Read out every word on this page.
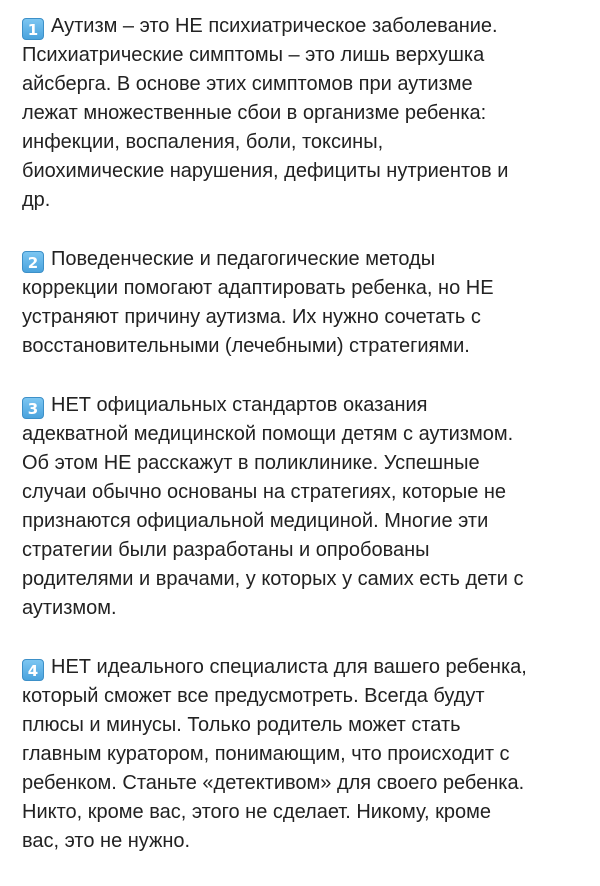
1 Аутизм – это НЕ психиатрическое заболевание.
Психиатрические симптомы – это лишь верхушка
айсберга. В основе этих симптомов при аутизме
лежат множественные сбои в организме ребенка:
инфекции, воспаления, боли, токсины,
биохимические нарушения, дефициты нутриентов и
др.

2 Поведенческие и педагогические методы
коррекции помогают адаптировать ребенка, но НЕ
устраняют причину аутизма. Их нужно сочетать с
восстановительными (лечебными) стратегиями.

3 НЕТ официальных стандартов оказания
адекватной медицинской помощи детям с аутизмом.
Об этом НЕ расскажут в поликлинике. Успешные
случаи обычно основаны на стратегиях, которые не
признаются официальной медициной. Многие эти
стратегии были разработаны и опробованы
родителями и врачами, у которых у самих есть дети с
аутизмом.

4 НЕТ идеального специалиста для вашего ребенка,
который сможет все предусмотреть. Всегда будут
плюсы и минусы. Только родитель может стать
главным куратором, понимающим, что происходит с
ребенком. Станьте «детективом» для своего ребенка.
Никто, кроме вас, этого не сделает. Никому, кроме
вас, это не нужно.
